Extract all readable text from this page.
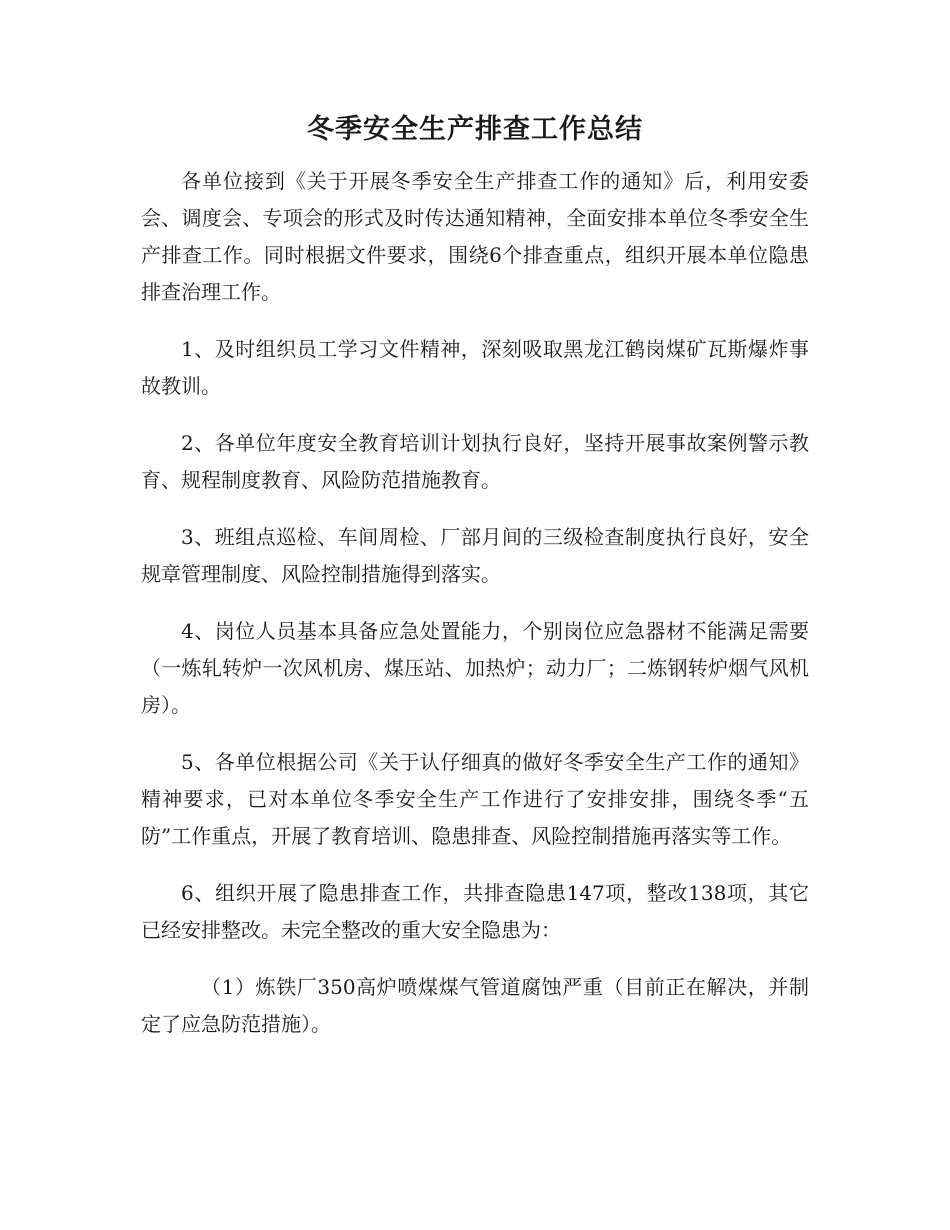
冬季安全生产排查工作总结

各单位接到《关于开展冬季安全生产排查工作的通知》后，利用安委会、调度会、专项会的形式及时传达通知精神，全面安排本单位冬季安全生产排查工作。同时根据文件要求，围绕6个排查重点，组织开展本单位隐患排查治理工作。

1、及时组织员工学习文件精神，深刻吸取黑龙江鹤岗煤矿瓦斯爆炸事故教训。

2、各单位年度安全教育培训计划执行良好，坚持开展事故案例警示教育、规程制度教育、风险防范措施教育。

3、班组点巡检、车间周检、厂部月间的三级检查制度执行良好，安全规章管理制度、风险控制措施得到落实。

4、岗位人员基本具备应急处置能力，个别岗位应急器材不能满足需要（一炼轧转炉一次风机房、煤压站、加热炉；动力厂；二炼钢转炉烟气风机房）。

5、各单位根据公司《关于认仔细真的做好冬季安全生产工作的通知》精神要求，已对本单位冬季安全生产工作进行了安排安排，围绕冬季“五防”工作重点，开展了教育培训、隐患排查、风险控制措施再落实等工作。

6、组织开展了隐患排查工作，共排查隐患147项，整改138项，其它已经安排整改。未完全整改的重大安全隐患为：

（1）炼铁厂350高炉喷煤煤气管道腐蚀严重（目前正在解决，并制定了应急防范措施）。
